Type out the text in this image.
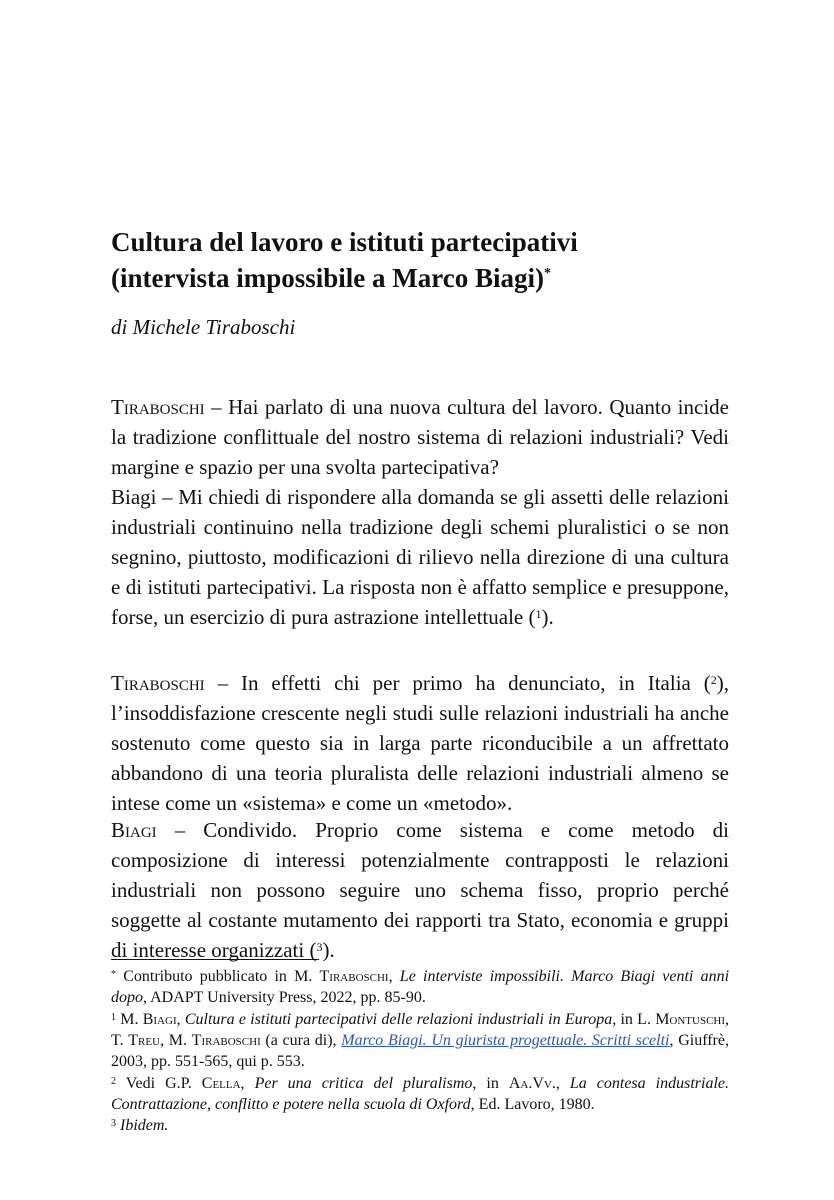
Cultura del lavoro e istituti partecipativi
(intervista impossibile a Marco Biagi)*

di Michele Tiraboschi

Tiraboschi – Hai parlato di una nuova cultura del lavoro. Quanto incide la tradizione conflittuale del nostro sistema di relazioni industriali? Vedi margine e spazio per una svolta partecipativa?

Biagi – Mi chiedi di rispondere alla domanda se gli assetti delle relazioni industriali continuino nella tradizione degli schemi pluralistici o se non segnino, piuttosto, modificazioni di rilievo nella direzione di una cultura e di istituti partecipativi. La risposta non è affatto semplice e presuppone, forse, un esercizio di pura astrazione intellettuale ($^1$).

Tiraboschi – In effetti chi per primo ha denunciato, in Italia ($^2$), l’insoddisfazione crescente negli studi sulle relazioni industriali ha anche sostenuto come questo sia in larga parte riconducibile a un affrettato abbandono di una teoria pluralista delle relazioni industriali almeno se intese come un «sistema» e come un «metodo».

Biagi – Condivido. Proprio come sistema e come metodo di composizione di interessi potenzialmente contrapposti le relazioni industriali non possono seguire uno schema fisso, proprio perché soggette al costante mutamento dei rapporti tra Stato, economia e gruppi di interesse organizzati ($^3$).

* Contributo pubblicato in M. Tiraboschi, Le interviste impossibili. Marco Biagi venti anni dopo, ADAPT University Press, 2022, pp. 85-90.

$^1$ M. Biagi, Cultura e istituti partecipativi delle relazioni industriali in Europa, in L. Montuschi, T. Treu, M. Tiraboschi (a cura di), Marco Biagi. Un giurista progettuale. Scritti scelti, Giuffrè, 2003, pp. 551-565, qui p. 553.

$^2$ Vedi G.P. Cella, Per una critica del pluralismo, in Aa.Vv., La contesa industriale. Contrattazione, conflitto e potere nella scuola di Oxford, Ed. Lavoro, 1980.

$^3$ Ibidem.
